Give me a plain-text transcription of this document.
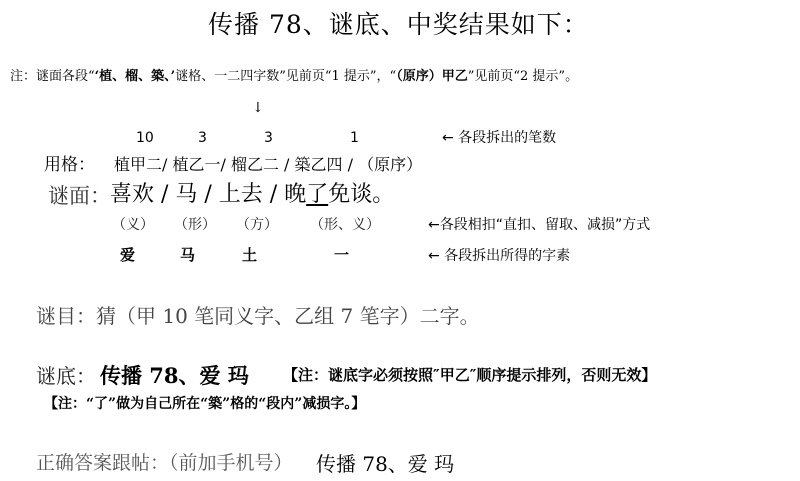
传播 78、谜底、中奖结果如下：
注：谜面各段“‘植、榴、築、’谜格、一二四字数”见前页“1 提示”，“（原序）甲乙”见前页“2 提示”。
↓
10	3	3	1	← 各段拆出的笔数
用格： 植甲二/ 植乙一/ 榴乙二 / 築乙四 / （原序）
谜面： 喜欢 / 马 / 上去 / 晚了免谈。
（义） （形） （方） （形、义）	←各段相扣“直扣、留取、减损”方式
爱	马	土	一	← 各段拆出所得的字素
谜目：猜（甲 10 笔同义字、乙组 7 笔字）二字。
谜底： 传播 78、爱 玛 【注：谜底字必须按照″甲乙″顺序提示排列，否则无效】
【注：“了”做为自己所在“築”格的“段内”减损字。】
正确答案跟帖：（前加手机号） 传播 78、爱 玛
